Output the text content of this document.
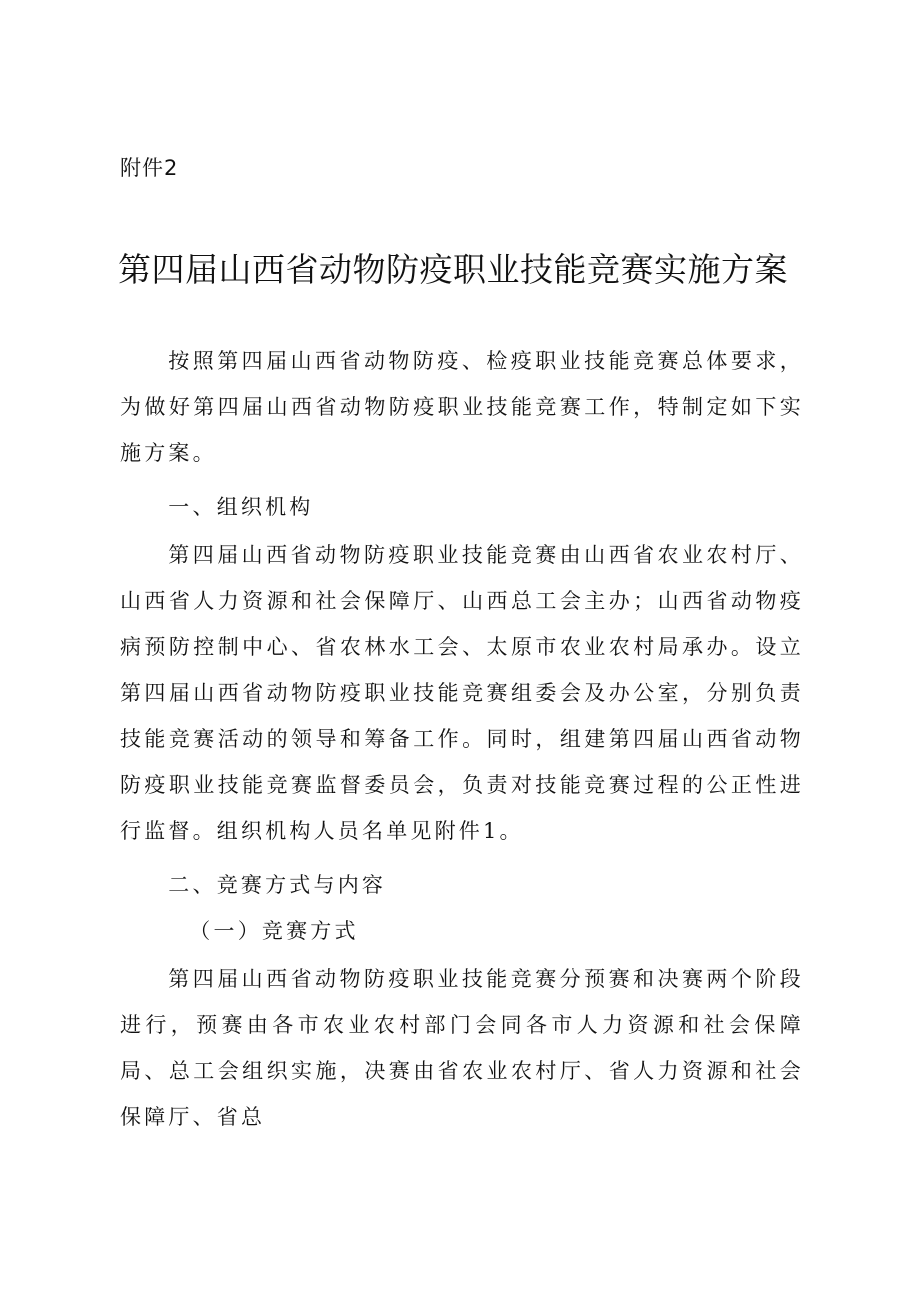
附件2

第四届山西省动物防疫职业技能竞赛实施方案

按照第四届山西省动物防疫、检疫职业技能竞赛总体要求，为做好第四届山西省动物防疫职业技能竞赛工作，特制定如下实施方案。

一、组织机构

第四届山西省动物防疫职业技能竞赛由山西省农业农村厅、山西省人力资源和社会保障厅、山西总工会主办；山西省动物疫病预防控制中心、省农林水工会、太原市农业农村局承办。设立第四届山西省动物防疫职业技能竞赛组委会及办公室，分别负责技能竞赛活动的领导和筹备工作。同时，组建第四届山西省动物防疫职业技能竞赛监督委员会，负责对技能竞赛过程的公正性进行监督。组织机构人员名单见附件1。

二、竞赛方式与内容

（一）竞赛方式

第四届山西省动物防疫职业技能竞赛分预赛和决赛两个阶段进行，预赛由各市农业农村部门会同各市人力资源和社会保障局、总工会组织实施，决赛由省农业农村厅、省人力资源和社会保障厅、省总
